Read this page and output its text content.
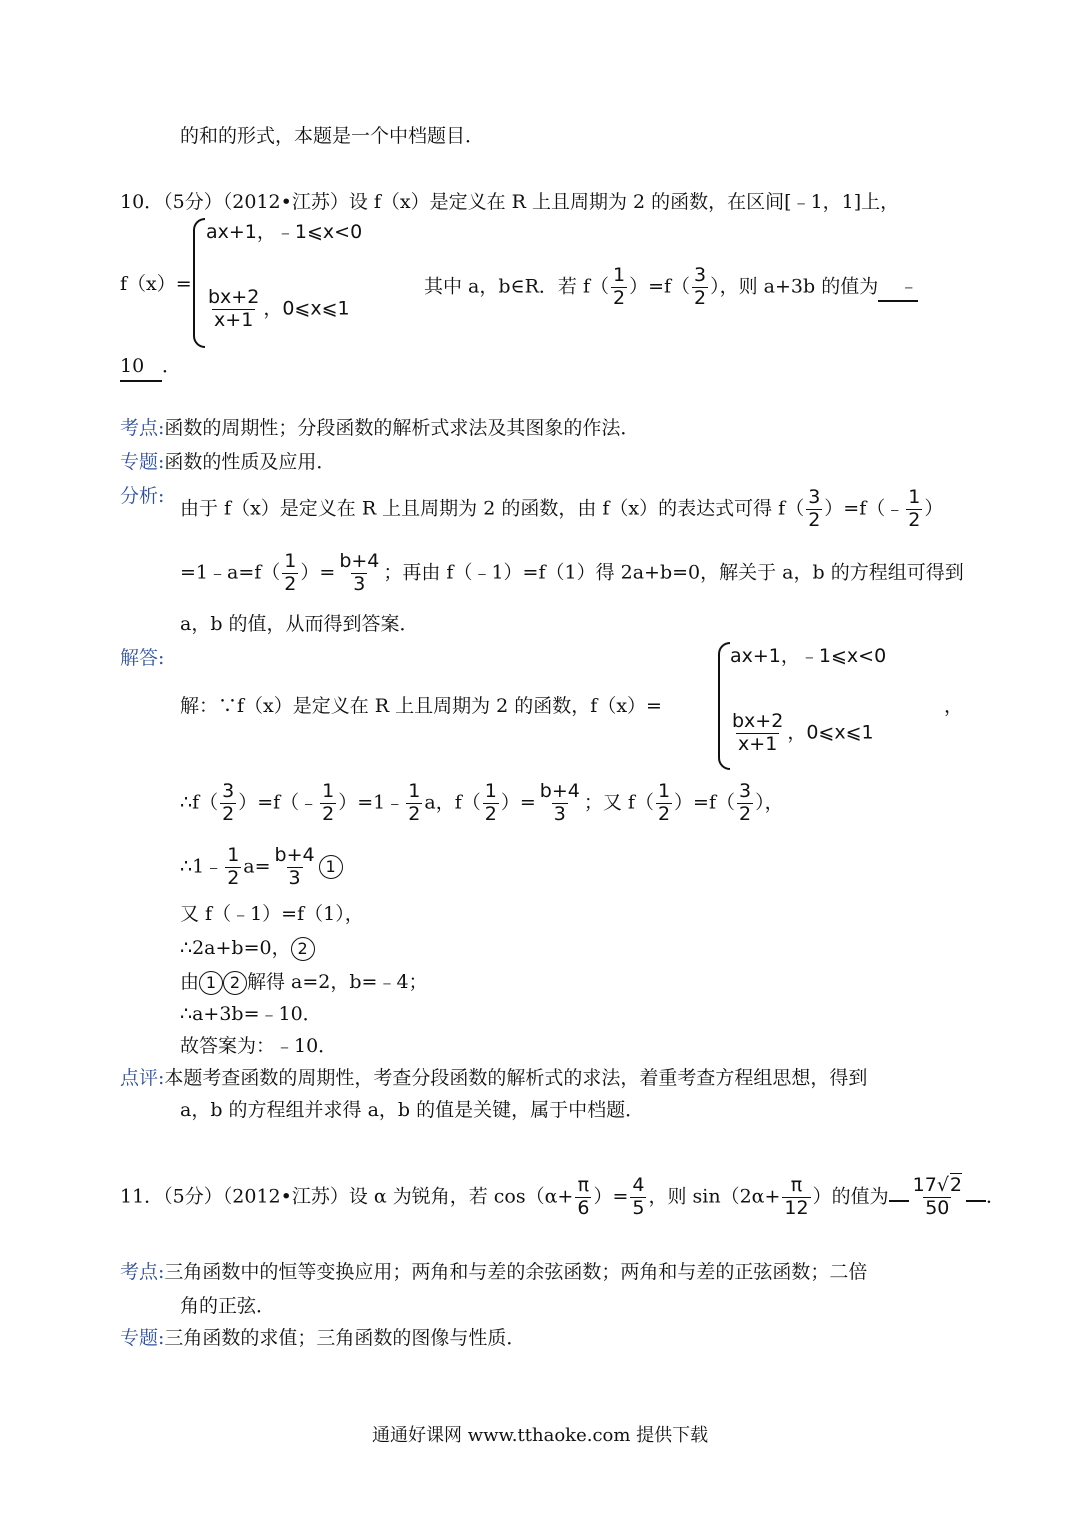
的和的形式，本题是一个中档题目．
10．（5分）（2012•江苏）设 f（x）是定义在 R 上且周期为 2 的函数，在区间[﹣1，1]上，
f（x）=
ax+1，﹣1⩽x<0
$\frac{bx+2}{x+1}$ ，0⩽x⩽1
其中 a，b∈R．若 $f( \frac{1}{2} )=f( \frac{3}{2}$ ），则 a+3b 的值为 ﹣
10 ．
考点:函数的周期性；分段函数的解析式求法及其图象的作法．
专题:函数的性质及应用．
分析:
由于 f（x）是定义在 R 上且周期为 2 的函数，由 f（x）的表达式可得 $f( \frac{3}{2}$ ）=f（﹣ $\frac{1}{2}$ ）
=1﹣a=f（ $\frac{1}{2}$ ）= $\frac{b+4}{3}$ ；再由 f（﹣1）=f（1）得 2a+b=0，解关于 a，b 的方程组可得到
a，b 的值，从而得到答案．
解答:
解：∵f（x）是定义在 R 上且周期为 2 的函数，f（x）=
ax+1，﹣1⩽x<0
$\frac{bx+2}{x+1}$ ，0⩽x⩽1
，
∴f（ $\frac{3}{2}$ ）=f（﹣ $\frac{1}{2}$ ）=1﹣ $\frac{1}{2}$ a，$f( \frac{1}{2}$ ）= $\frac{b+4}{3}$ ；又 $f( \frac{1}{2} )=f( \frac{3}{2}$ ），
∴1﹣ $\frac{1}{2} a= \frac{b+4}{3} 1$
又 f（﹣1）=f（1），
∴2a+b=0， 2
由 1 2 解得 a=2，b=﹣4；
∴a+3b=﹣10．
故答案为：﹣10．
点评:本题考查函数的周期性，考查分段函数的解析式的求法，着重考查方程组思想，得到
a，b 的方程组并求得 a，b 的值是关键，属于中档题．
11．（5分）（2012•江苏）设 α 为锐角，若 $\cos(\alpha+ \frac{\pi}{6}$ ）= $\frac{4}{5}$ ，则 $\sin(2\alpha+ \frac{\pi}{12}$ ）的值为 $\frac{17√2}{50}$ ．
考点:三角函数中的恒等变换应用；两角和与差的余弦函数；两角和与差的正弦函数；二倍
角的正弦．
专题:三角函数的求值；三角函数的图像与性质．
通通好课网 www.tthaoke.com 提供下载
